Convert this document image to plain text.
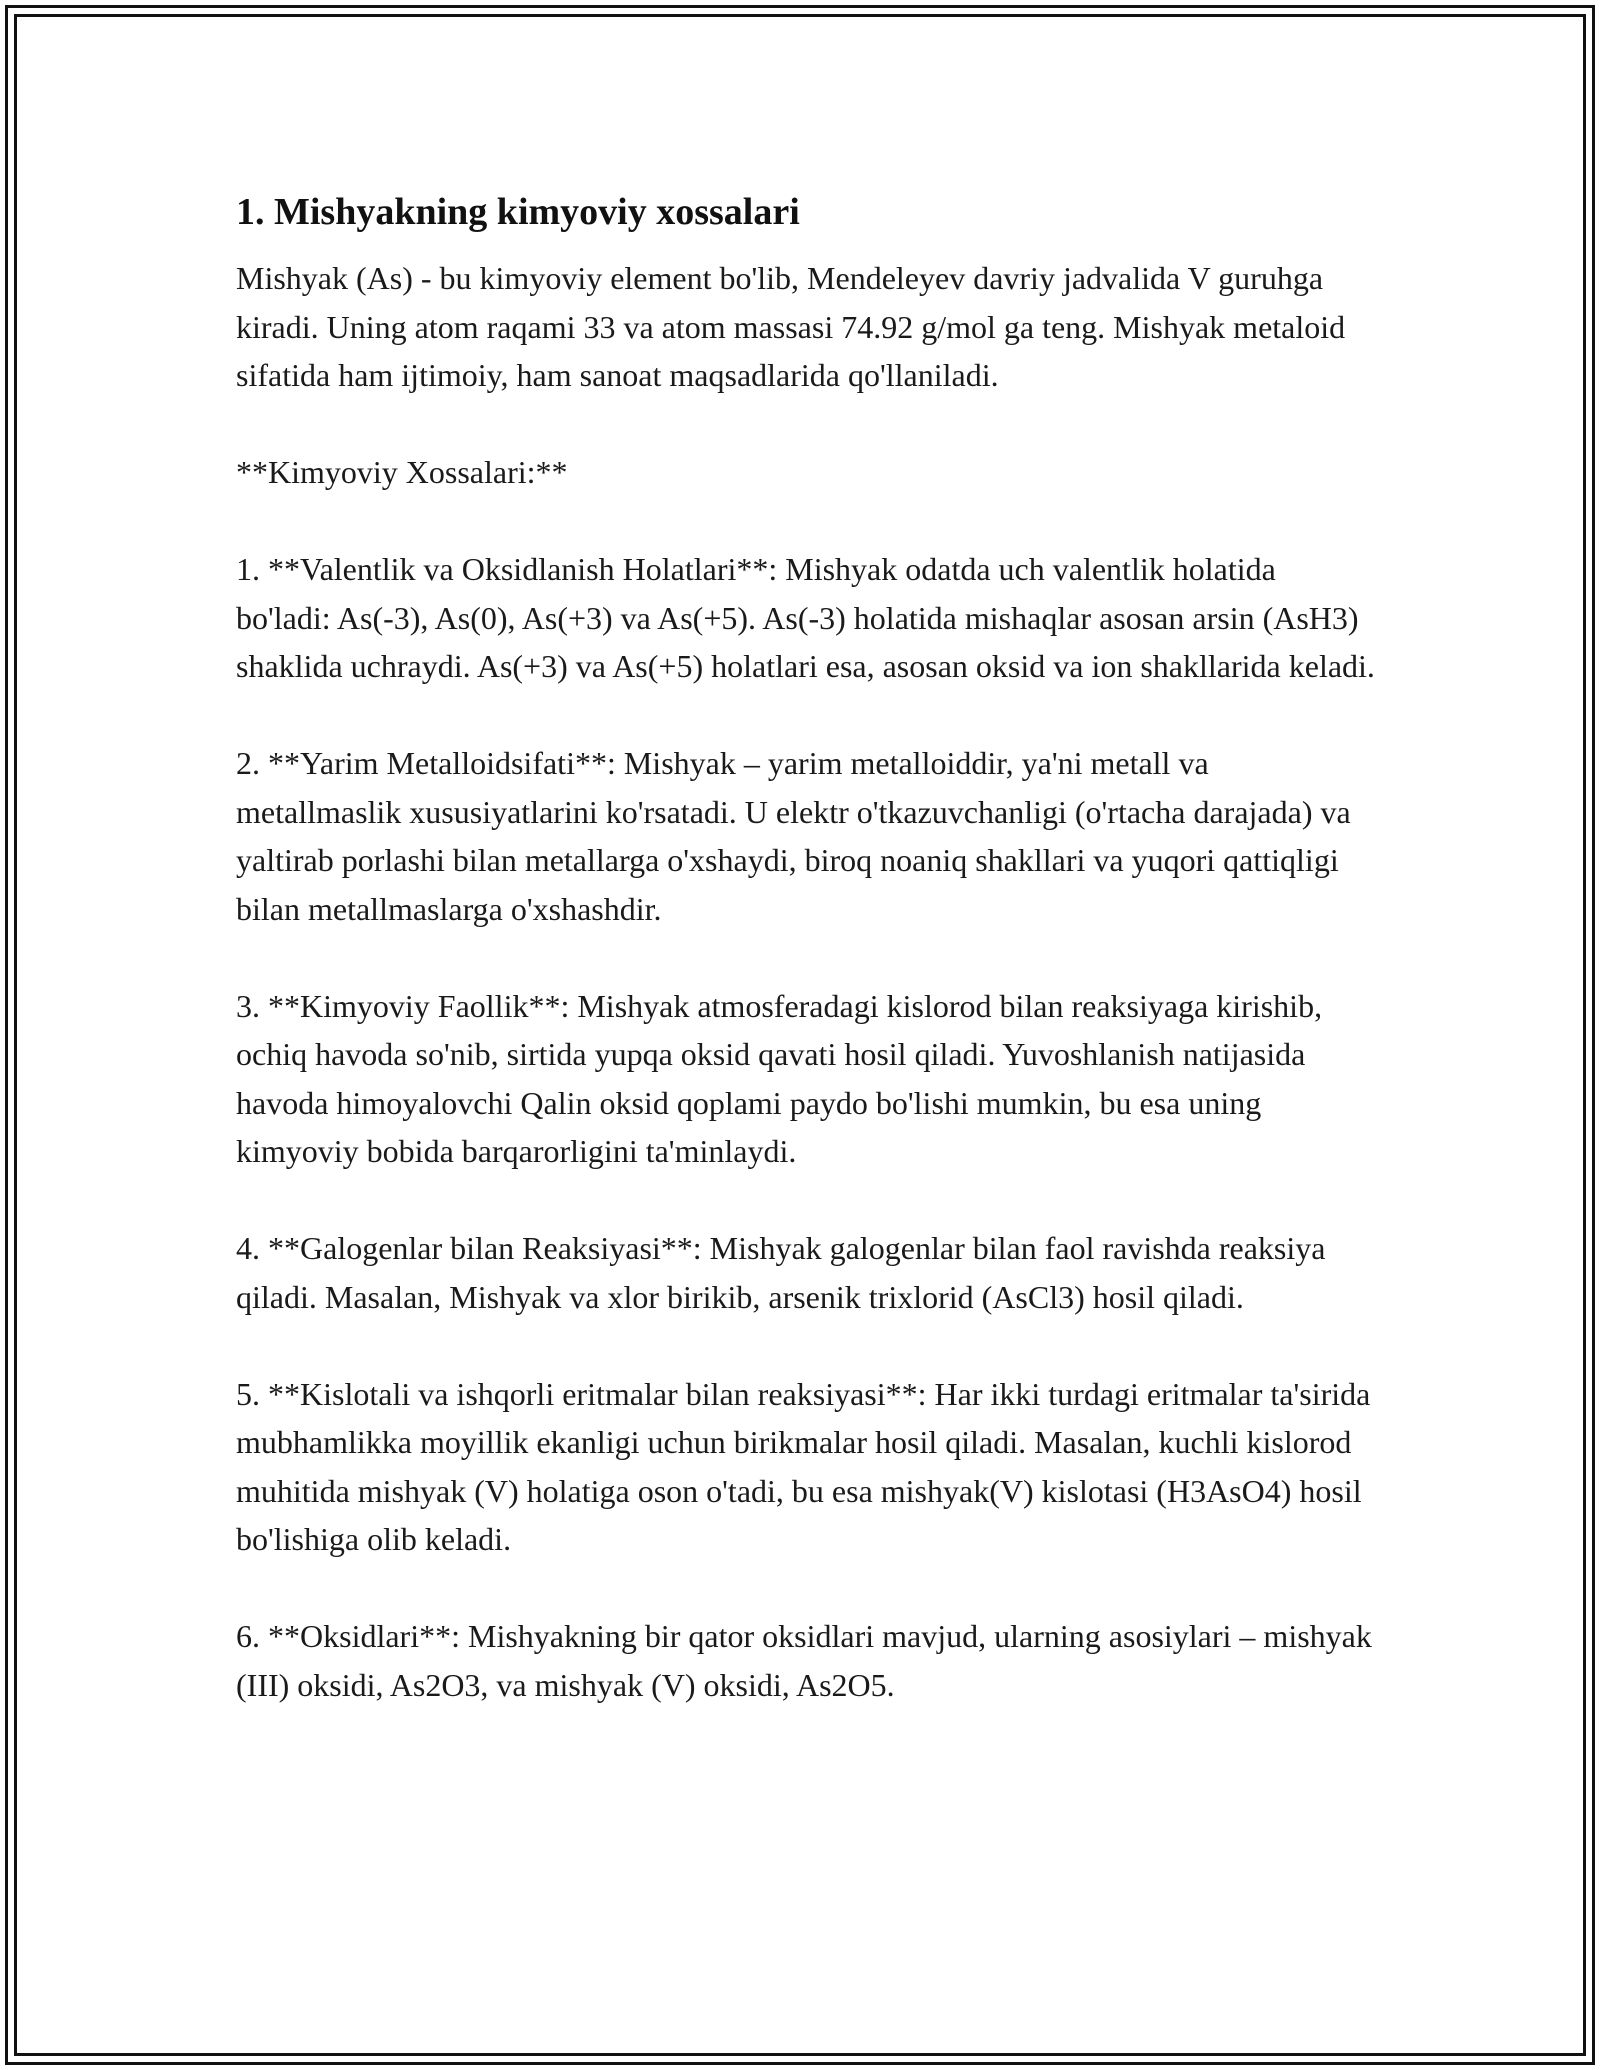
1. Mishyakning kimyoviy xossalari

Mishyak (As) - bu kimyoviy element bo'lib, Mendeleyev davriy jadvalida V guruhga kiradi. Uning atom raqami 33 va atom massasi 74.92 g/mol ga teng. Mishyak metaloid sifatida ham ijtimoiy, ham sanoat maqsadlarida qo'llaniladi.

**Kimyoviy Xossalari:**

1. **Valentlik va Oksidlanish Holatlari**: Mishyak odatda uch valentlik holatida bo'ladi: As(-3), As(0), As(+3) va As(+5). As(-3) holatida mishaqlar asosan arsin (AsH3) shaklida uchraydi. As(+3) va As(+5) holatlari esa, asosan oksid va ion shakllarida keladi.

2. **Yarim Metalloidsifati**: Mishyak – yarim metalloiddir, ya'ni metall va metallmaslik xususiyatlarini ko'rsatadi. U elektr o'tkazuvchanligi (o'rtacha darajada) va yaltirab porlashi bilan metallarga o'xshaydi, biroq noaniq shakllari va yuqori qattiqligi bilan metallmaslarga o'xshashdir.

3. **Kimyoviy Faollik**: Mishyak atmosferadagi kislorod bilan reaksiyaga kirishib, ochiq havoda so'nib, sirtida yupqa oksid qavati hosil qiladi. Yuvoshlanish natijasida havoda himoyalovchi Qalin oksid qoplami paydo bo'lishi mumkin, bu esa uning kimyoviy bobida barqarorligini ta'minlaydi.

4. **Galogenlar bilan Reaksiyasi**: Mishyak galogenlar bilan faol ravishda reaksiya qiladi. Masalan, Mishyak va xlor birikib, arsenik trixlorid (AsCl3) hosil qiladi.

5. **Kislotali va ishqorli eritmalar bilan reaksiyasi**: Har ikki turdagi eritmalar ta'sirida mubhamlikka moyillik ekanligi uchun birikmalar hosil qiladi. Masalan, kuchli kislorod muhitida mishyak (V) holatiga oson o'tadi, bu esa mishyak(V) kislotasi (H3AsO4) hosil bo'lishiga olib keladi.

6. **Oksidlari**: Mishyakning bir qator oksidlari mavjud, ularning asosiylari – mishyak (III) oksidi, As2O3, va mishyak (V) oksidi, As2O5.
